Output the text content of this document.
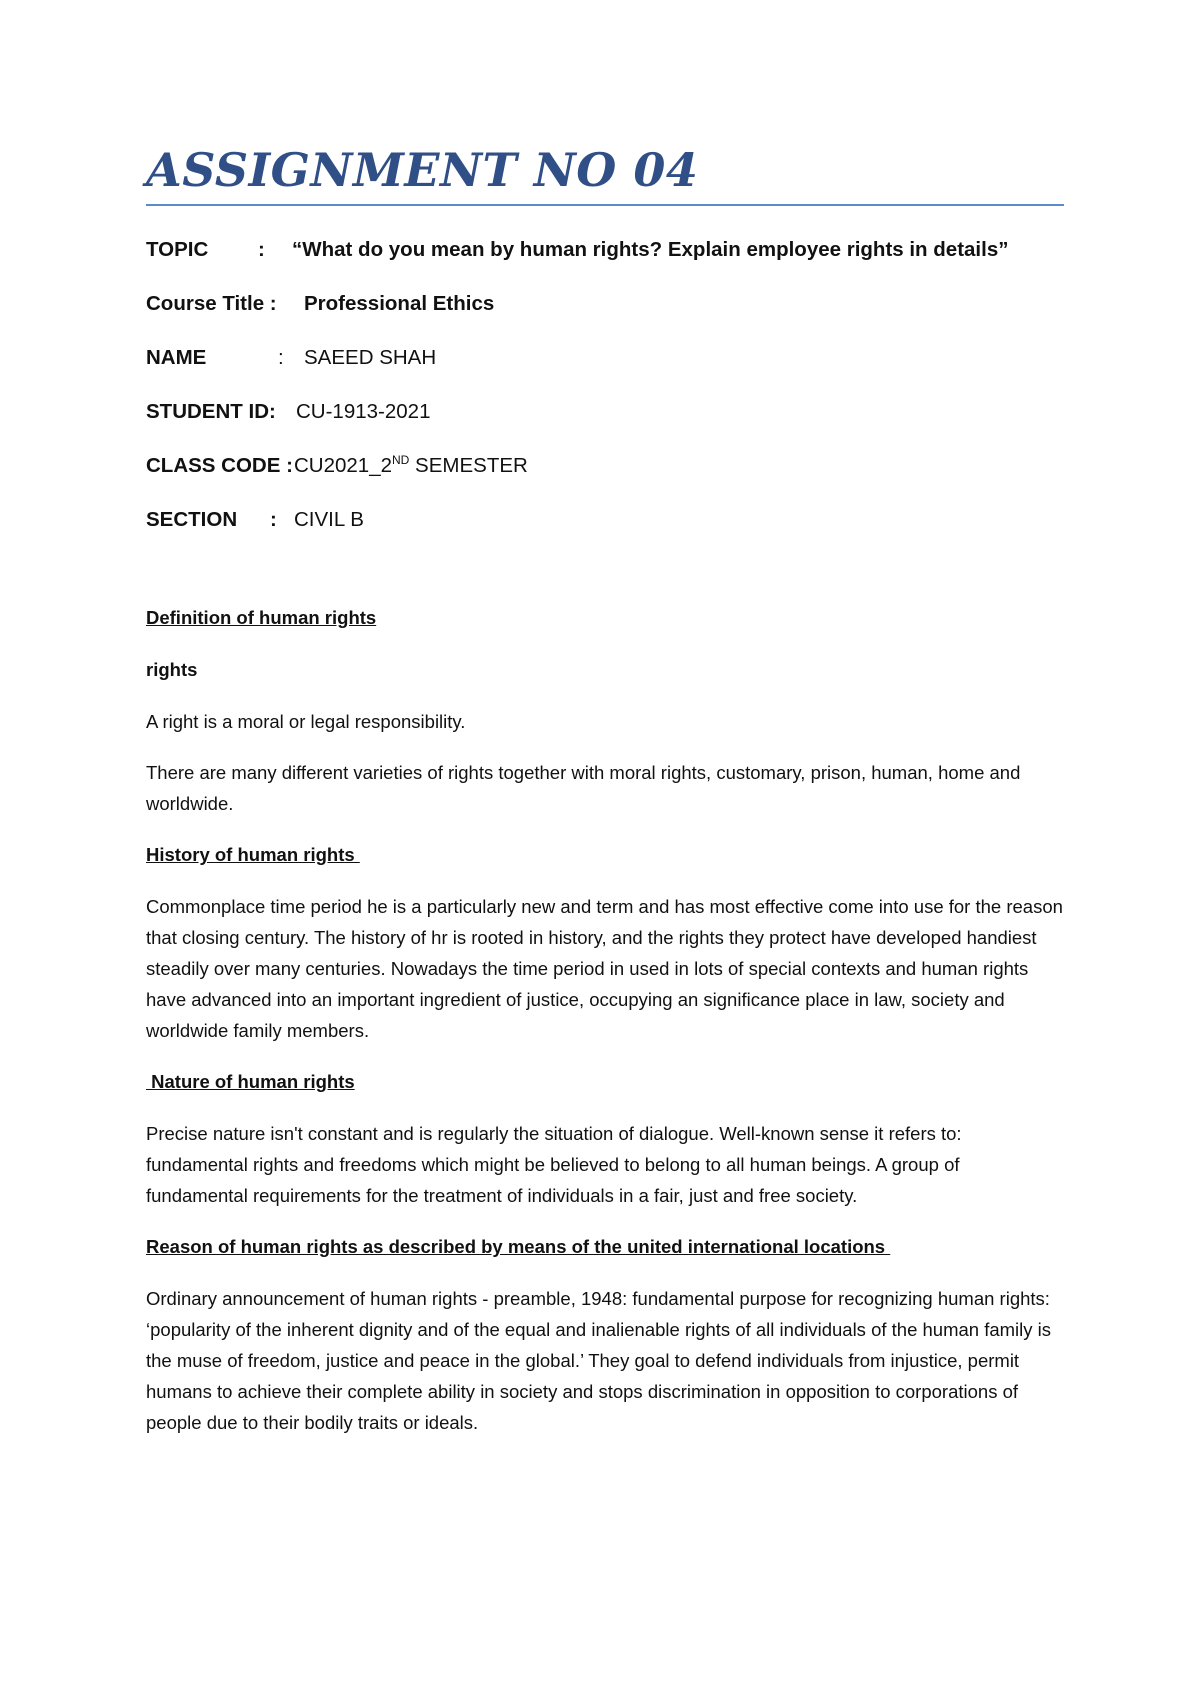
ASSIGNMENT NO 04
TOPIC : “What do you mean by human rights? Explain employee rights in details”
Course Title : Professional Ethics
NAME	: SAEED SHAH
STUDENT ID: CU-1913-2021
CLASS CODE :CU2021_2ND SEMESTER
SECTION : CIVIL B

Definition of human rights

rights

A right is a moral or legal responsibility.

There are many different varieties of rights together with moral rights, customary, prison, human, home and worldwide.

History of human rights

Commonplace time period he is a particularly new and term and has most effective come into use for the reason that closing century. The history of hr is rooted in history, and the rights they protect have developed handiest steadily over many centuries. Nowadays the time period in used in lots of special contexts and human rights have advanced into an important ingredient of justice, occupying an significance place in law, society and worldwide family members.

Nature of human rights

Precise nature isn't constant and is regularly the situation of dialogue. Well-known sense it refers to: fundamental rights and freedoms which might be believed to belong to all human beings. A group of fundamental requirements for the treatment of individuals in a fair, just and free society.

Reason of human rights as described by means of the united international locations

Ordinary announcement of human rights - preamble, 1948: fundamental purpose for recognizing human rights: ‘popularity of the inherent dignity and of the equal and inalienable rights of all individuals of the human family is the muse of freedom, justice and peace in the global.’ They goal to defend individuals from injustice, permit humans to achieve their complete ability in society and stops discrimination in opposition to corporations of people due to their bodily traits or ideals.
